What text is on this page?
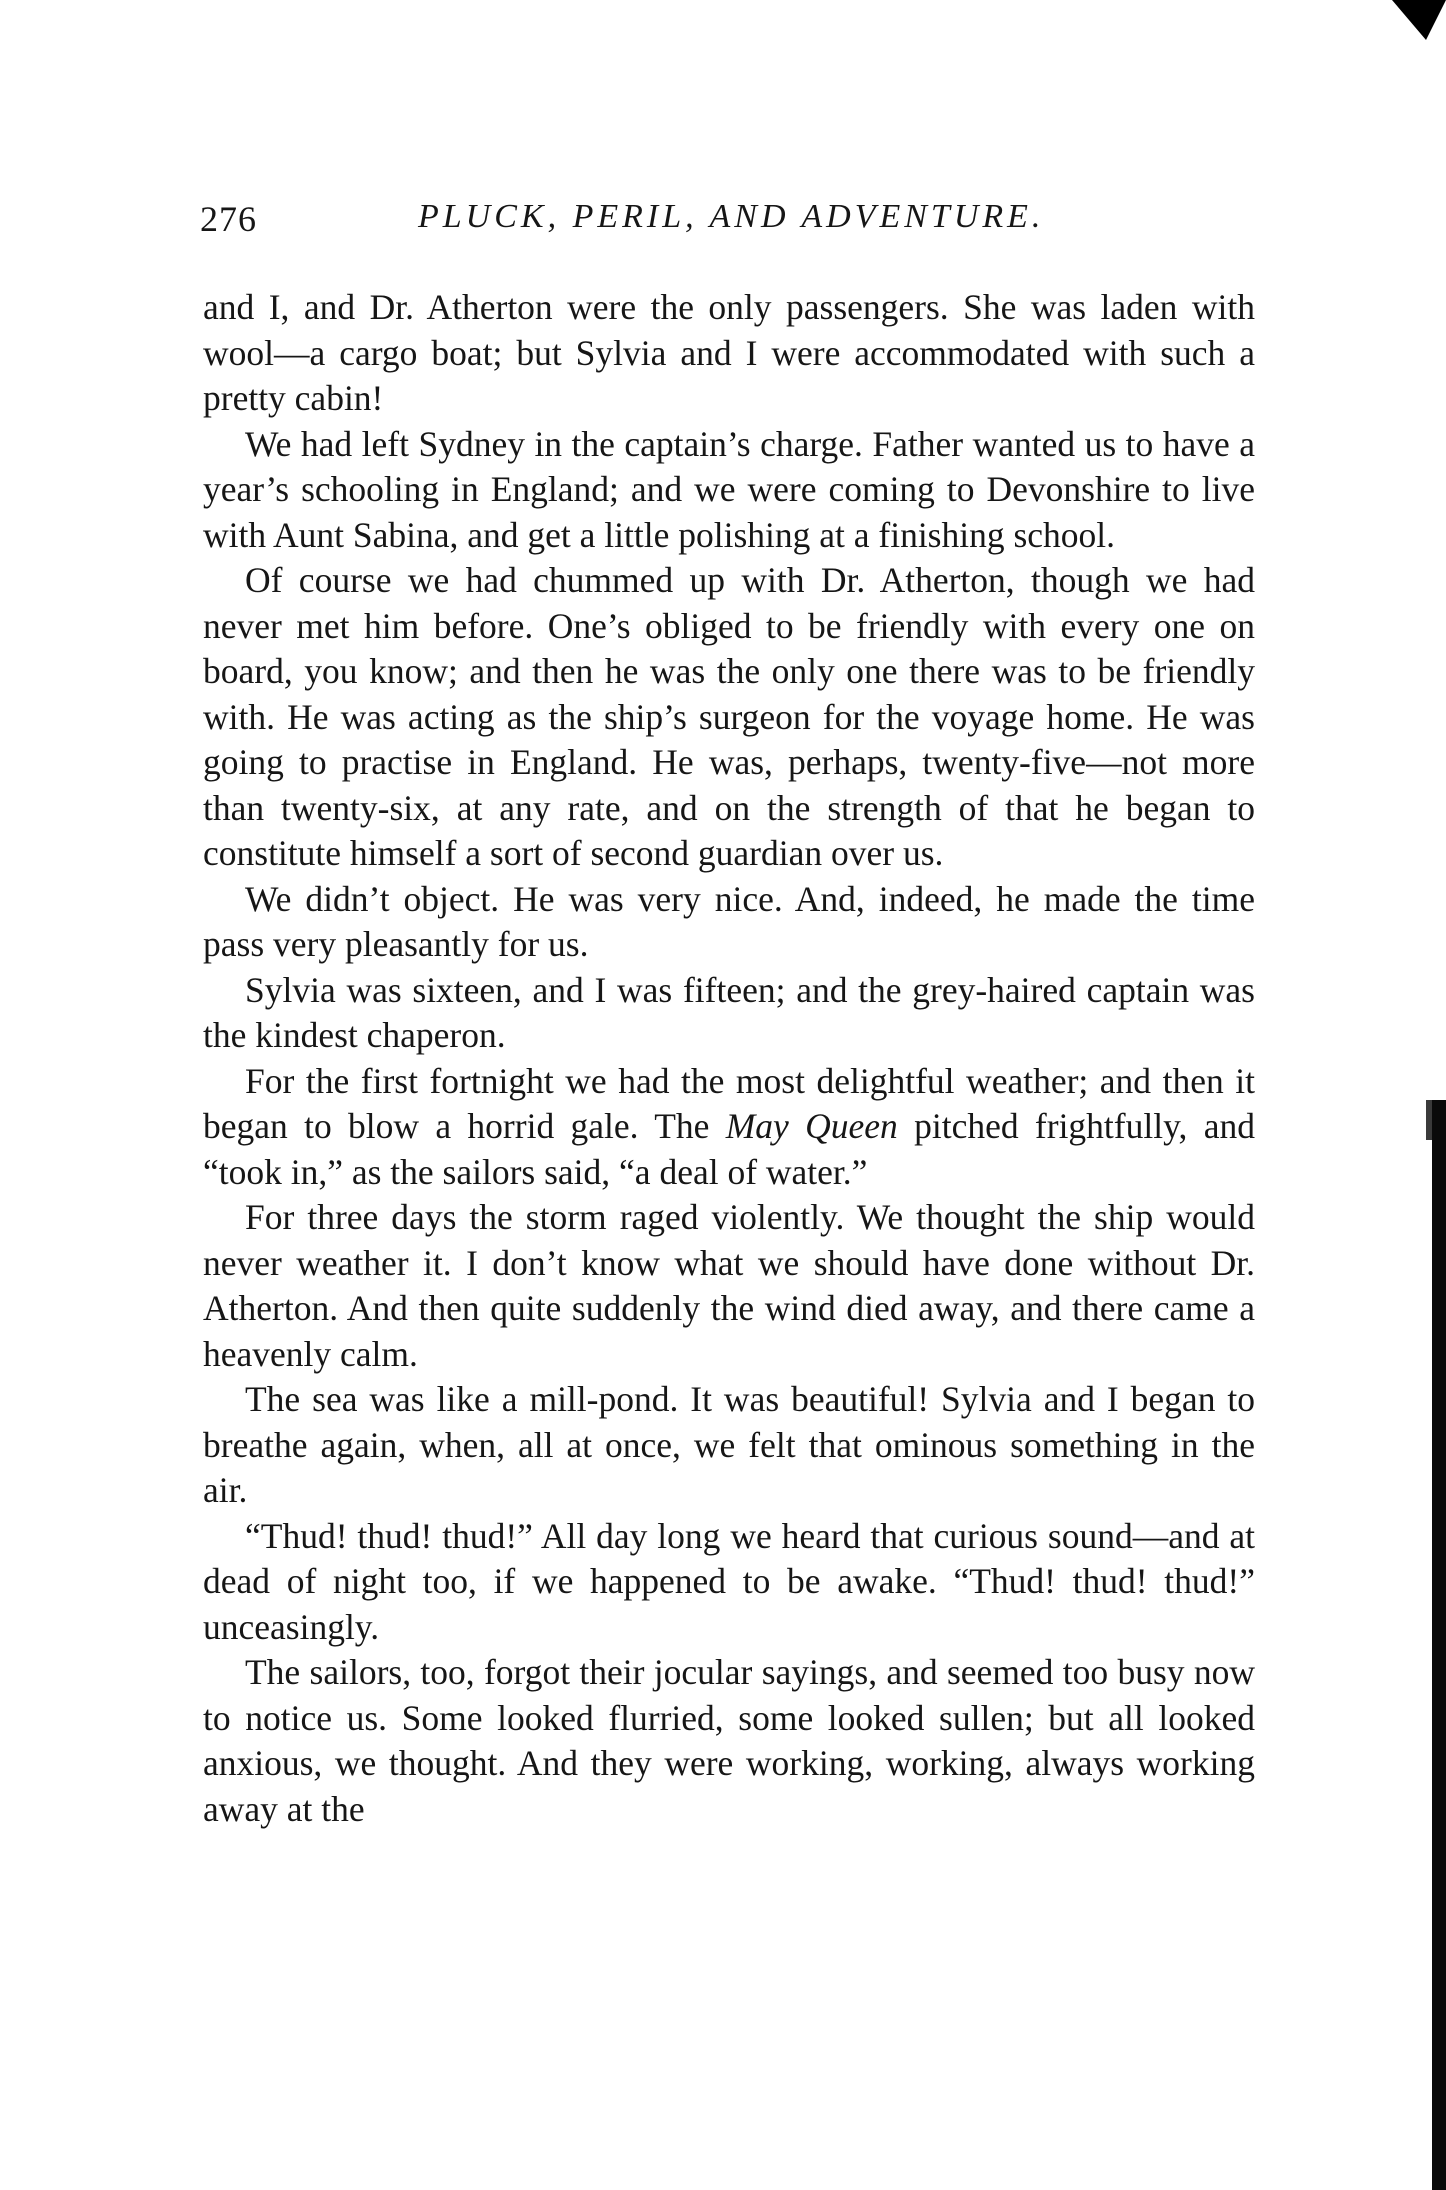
276	PLUCK, PERIL, AND ADVENTURE.

and I, and Dr. Atherton were the only passengers. She was laden with wool—a cargo boat; but Sylvia and I were accommodated with such a pretty cabin!

We had left Sydney in the captain’s charge. Father wanted us to have a year’s schooling in England; and we were coming to Devonshire to live with Aunt Sabina, and get a little polishing at a finishing school.

Of course we had chummed up with Dr. Atherton, though we had never met him before. One’s obliged to be friendly with every one on board, you know; and then he was the only one there was to be friendly with. He was acting as the ship’s surgeon for the voyage home. He was going to practise in England. He was, perhaps, twenty-five—not more than twenty-six, at any rate, and on the strength of that he began to constitute himself a sort of second guardian over us.

We didn’t object. He was very nice. And, indeed, he made the time pass very pleasantly for us.

Sylvia was sixteen, and I was fifteen; and the grey-haired captain was the kindest chaperon.

For the first fortnight we had the most delightful weather; and then it began to blow a horrid gale. The May Queen pitched frightfully, and “took in,” as the sailors said, “a deal of water.”

For three days the storm raged violently. We thought the ship would never weather it. I don’t know what we should have done without Dr. Atherton. And then quite suddenly the wind died away, and there came a heavenly calm.

The sea was like a mill-pond. It was beautiful! Sylvia and I began to breathe again, when, all at once, we felt that ominous something in the air.

“Thud! thud! thud!” All day long we heard that curious sound—and at dead of night too, if we happened to be awake. “Thud! thud! thud!” unceasingly.

The sailors, too, forgot their jocular sayings, and seemed too busy now to notice us. Some looked flurried, some looked sullen; but all looked anxious, we thought. And they were working, working, always working away at the
